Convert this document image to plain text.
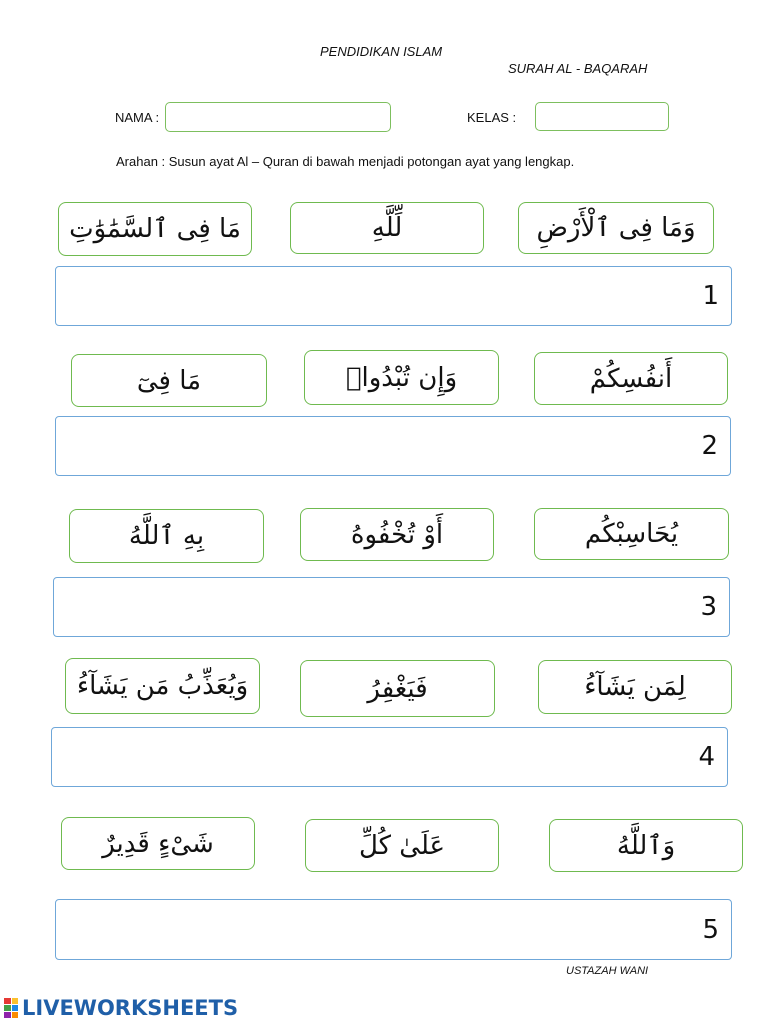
PENDIDIKAN ISLAM
SURAH AL - BAQARAH
NAMA :	KELAS :
Arahan : Susun ayat Al – Quran di bawah menjadi potongan ayat yang lengkap.
مَا فِى ٱلسَّمَٰوَٰتِ	لِّلَّهِ	وَمَا فِى ٱلْأَرْضِ
1
مَا فِىٓ	وَإِن تُبْدُوا۟	أَنفُسِكُمْ
2
بِهِ ٱللَّهُ	أَوْ تُخْفُوهُ	يُحَاسِبْكُم
3
وَيُعَذِّبُ مَن يَشَآءُ	فَيَغْفِرُ	لِمَن يَشَآءُ
4
شَىْءٍ قَدِيرٌ	عَلَىٰ كُلِّ	وَٱللَّهُ
5
USTAZAH WANI
LIVEWORKSHEETS
